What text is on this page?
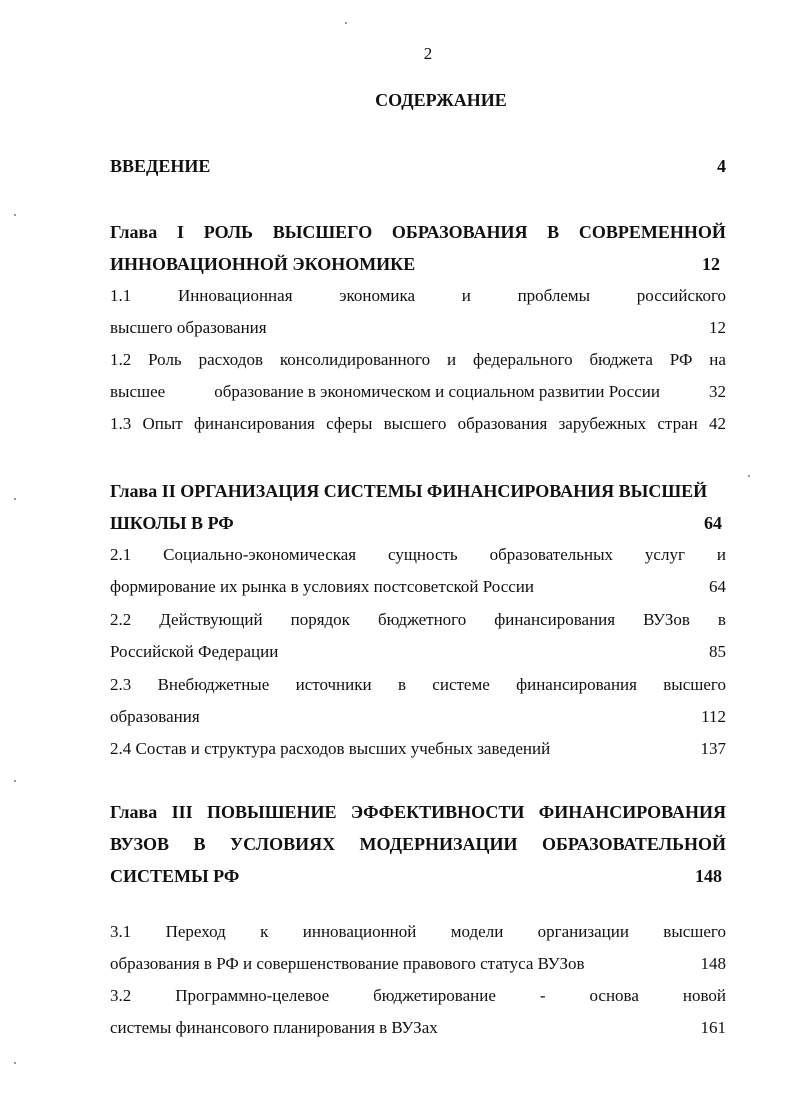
2
СОДЕРЖАНИЕ
ВВЕДЕНИЕ	4
Глава I РОЛЬ ВЫСШЕГО ОБРАЗОВАНИЯ В СОВРЕМЕННОЙ
ИННОВАЦИОННОЙ ЭКОНОМИКЕ	12
1.1	Инновационная	экономика	и	проблемы	российского
высшего образования	12
1.2 Роль расходов консолидированного и федерального бюджета РФ на
высшее	образование в экономическом и социальном развитии России	32
1.3 Опыт финансирования сферы высшего образования зарубежных стран 42
Глава II ОРГАНИЗАЦИЯ СИСТЕМЫ ФИНАНСИРОВАНИЯ ВЫСШЕЙ
ШКОЛЫ В РФ	64
2.1 Социально-экономическая сущность образовательных услуг и
формирование их рынка в условиях постсоветской России	64
2.2 Действующий порядок бюджетного финансирования ВУЗов в
Российской Федерации	85
2.3 Внебюджетные источники в системе финансирования высшего
образования	112
2.4 Состав и структура расходов высших учебных заведений	137
Глава III ПОВЫШЕНИЕ ЭФФЕКТИВНОСТИ ФИНАНСИРОВАНИЯ
ВУЗОВ В УСЛОВИЯХ МОДЕРНИЗАЦИИ ОБРАЗОВАТЕЛЬНОЙ
СИСТЕМЫ РФ	148
3.1 Переход к инновационной модели организации высшего
образования в РФ и совершенствование правового статуса ВУЗов	148
3.2	Программно-целевое	бюджетирование	-	основа	новой
системы финансового планирования в ВУЗах	161
